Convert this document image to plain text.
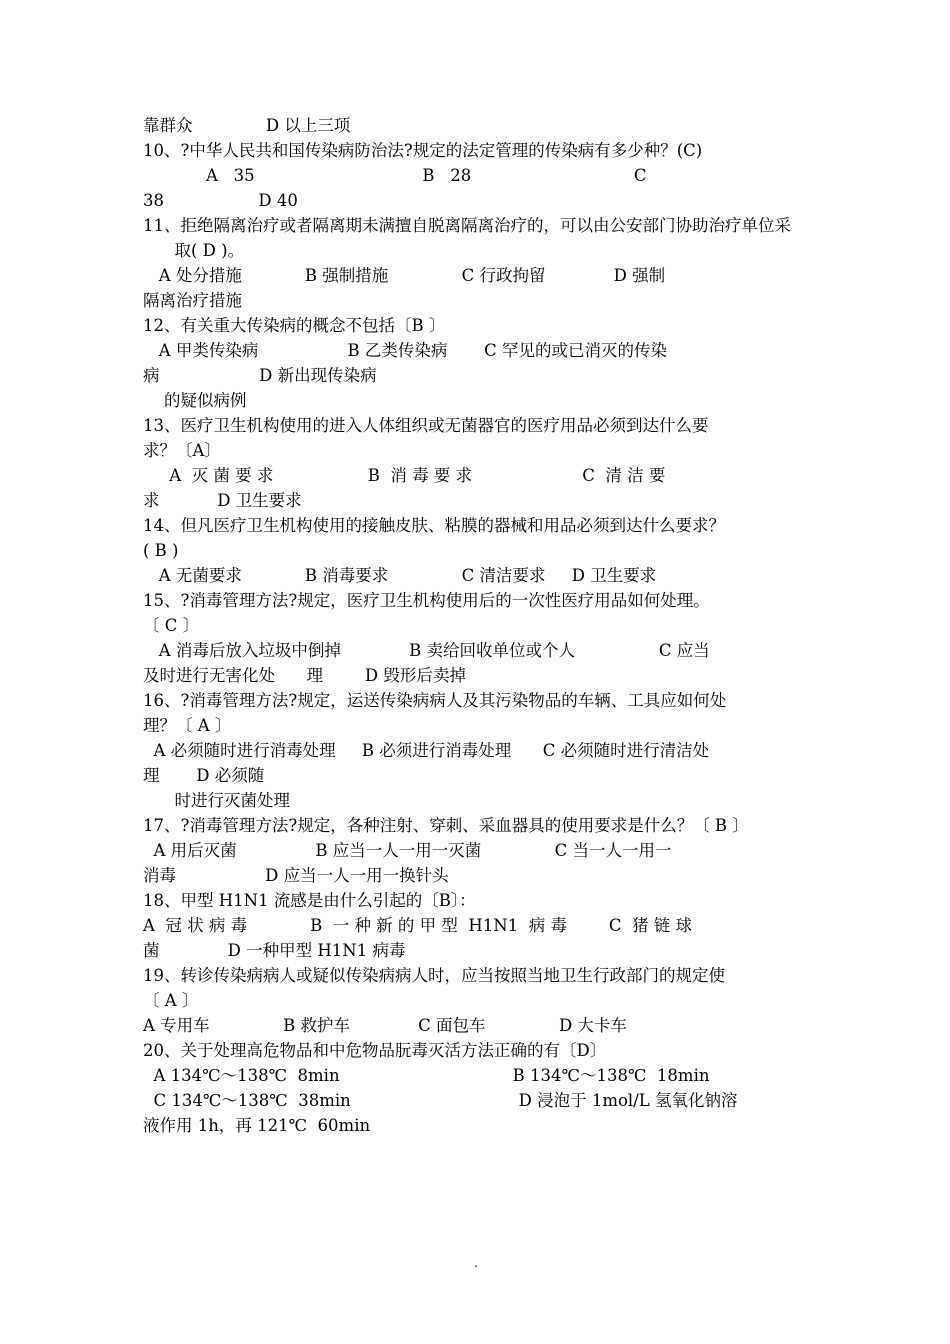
靠群众              D 以上三项
10、?中华人民共和国传染病防治法?规定的法定管理的传染病有多少种？(C)
A   35                                B   28                               C
38                  D 40
11、拒绝隔离治疗或者隔离期未满擅自脱离隔离治疗的，可以由公安部门协助治疗单位采
取( D )。
A 处分措施            B 强制措施              C 行政拘留             D 强制
隔离治疗措施
12、有关重大传染病的概念不包括〔B 〕
A 甲类传染病                 B 乙类传染病       C 罕见的或已消灭的传染
病                   D 新出现传染病
的疑似病例
13、医疗卫生机构使用的进入人体组织或无菌器官的医疗用品必须到达什么要
求？〔A〕
A  灭 菌 要 求                  B  消 毒 要 求                     C  清 洁 要
求           D 卫生要求
14、但凡医疗卫生机构使用的接触皮肤、粘膜的器械和用品必须到达什么要求？
( B )
A 无菌要求            B 消毒要求              C 清洁要求     D 卫生要求
15、?消毒管理方法?规定，医疗卫生机构使用后的一次性医疗用品如何处理。
〔 C 〕
A 消毒后放入垃圾中倒掉             B 卖给回收单位或个人                C 应当
及时进行无害化处      理        D 毁形后卖掉
16、?消毒管理方法?规定，运送传染病病人及其污染物品的车辆、工具应如何处
理？〔 A 〕
A 必须随时进行消毒处理     B 必须进行消毒处理      C 必须随时进行清洁处
理       D 必须随
时进行灭菌处理
17、?消毒管理方法?规定，各种注射、穿刺、采血器具的使用要求是什么？〔 B 〕
A 用后灭菌               B 应当一人一用一灭菌              C 当一人一用一
消毒                 D 应当一人一用一换针头
18、甲型 H1N1 流感是由什么引起的〔B〕：
A  冠 状 病 毒            B  一 种 新 的 甲 型  H1N1  病 毒        C  猪 链 球
菌             D 一种甲型 H1N1 病毒
19、转诊传染病病人或疑似传染病病人时，应当按照当地卫生行政部门的规定使
〔 A 〕
A 专用车              B 救护车             C 面包车              D 大卡车
20、关于处理高危物品和中危物品朊毒灭活方法正确的有〔D〕
A 134℃～138℃  8min                                 B 134℃～138℃  18min
C 134℃～138℃  38min                                D 浸泡于 1mol/L 氢氧化钠溶
液作用 1h，再 121℃  60min
.
